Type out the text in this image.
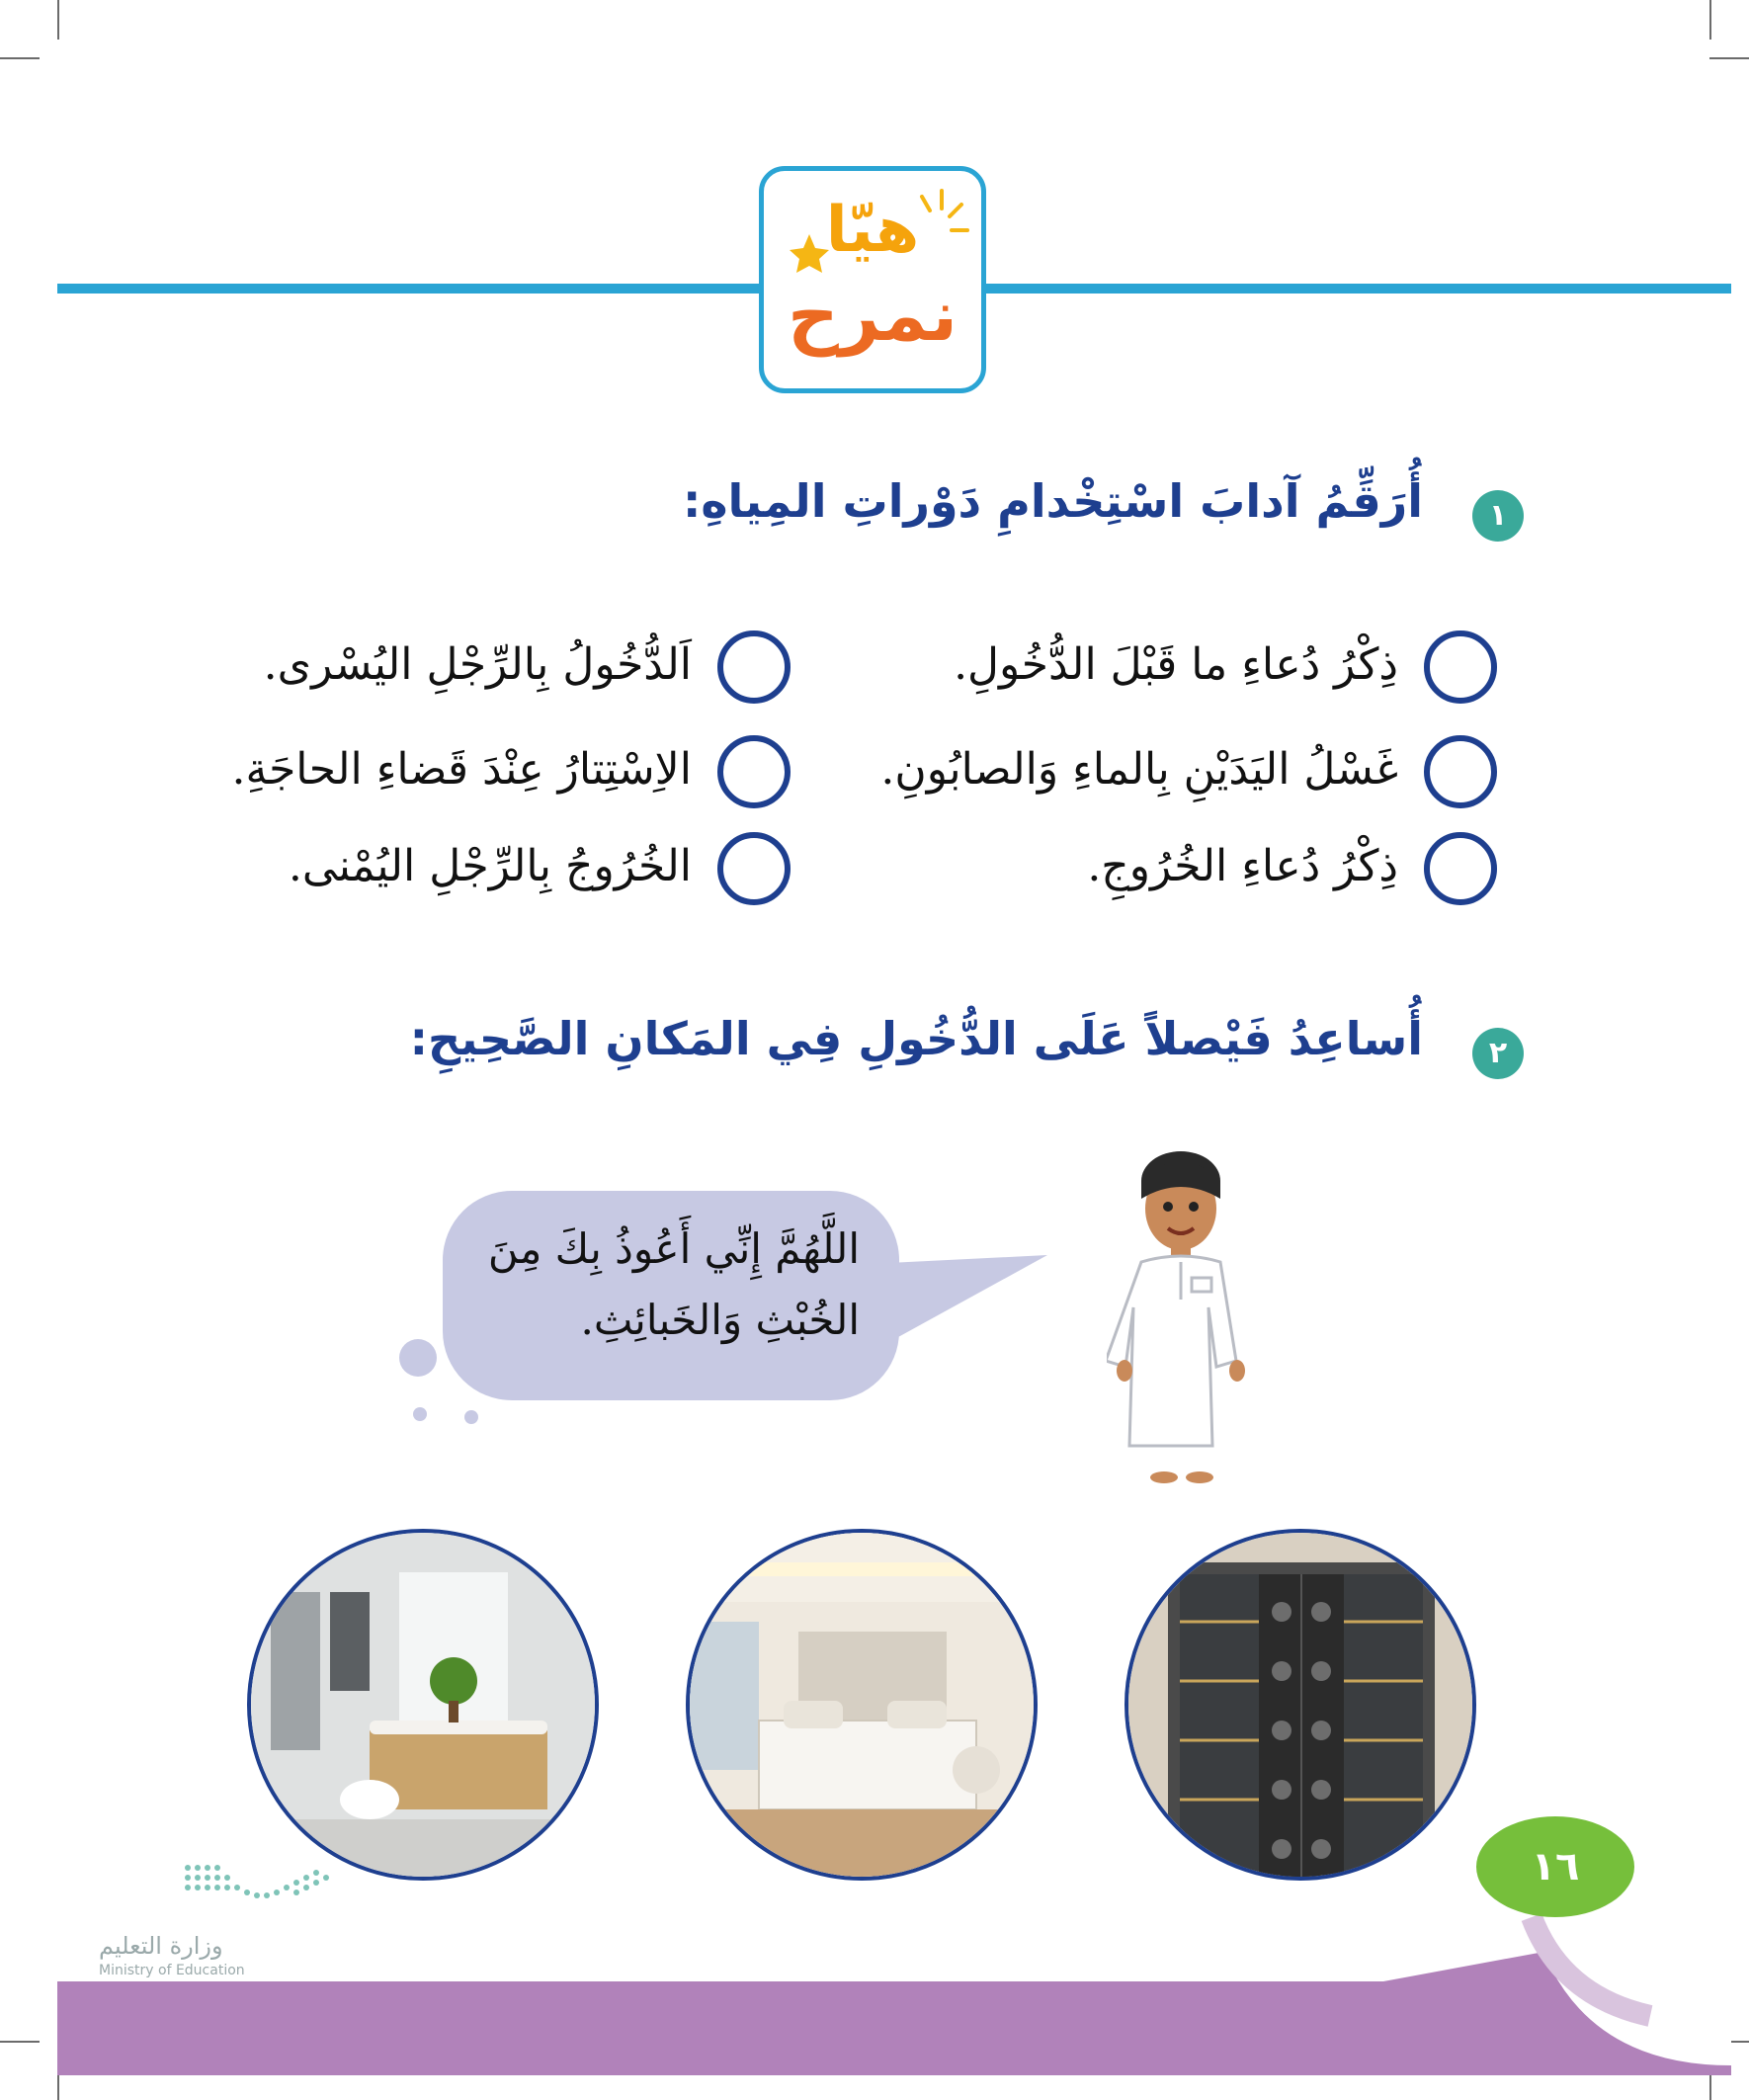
هيّا
نمرح
١
أُرَقِّمُ آدابَ اسْتِخْدامِ دَوْراتِ المِياهِ:
ذِكْرُ دُعاءِ ما قَبْلَ الدُّخُولِ.
غَسْلُ اليَدَيْنِ بِالماءِ وَالصابُونِ.
ذِكْرُ دُعاءِ الخُرُوجِ.
اَلدُّخُولُ بِالرِّجْلِ اليُسْرى.
الاِسْتِتارُ عِنْدَ قَضاءِ الحاجَةِ.
الخُرُوجُ بِالرِّجْلِ اليُمْنى.
٢
أُساعِدُ فَيْصلاً عَلَى الدُّخُولِ فِي المَكانِ الصَّحِيحِ:
اللَّهُمَّ إِنِّي أَعُوذُ بِكَ مِنَ
الخُبْثِ وَالخَبائِثِ.
وزارة التعليم
Ministry of Education
١٦
